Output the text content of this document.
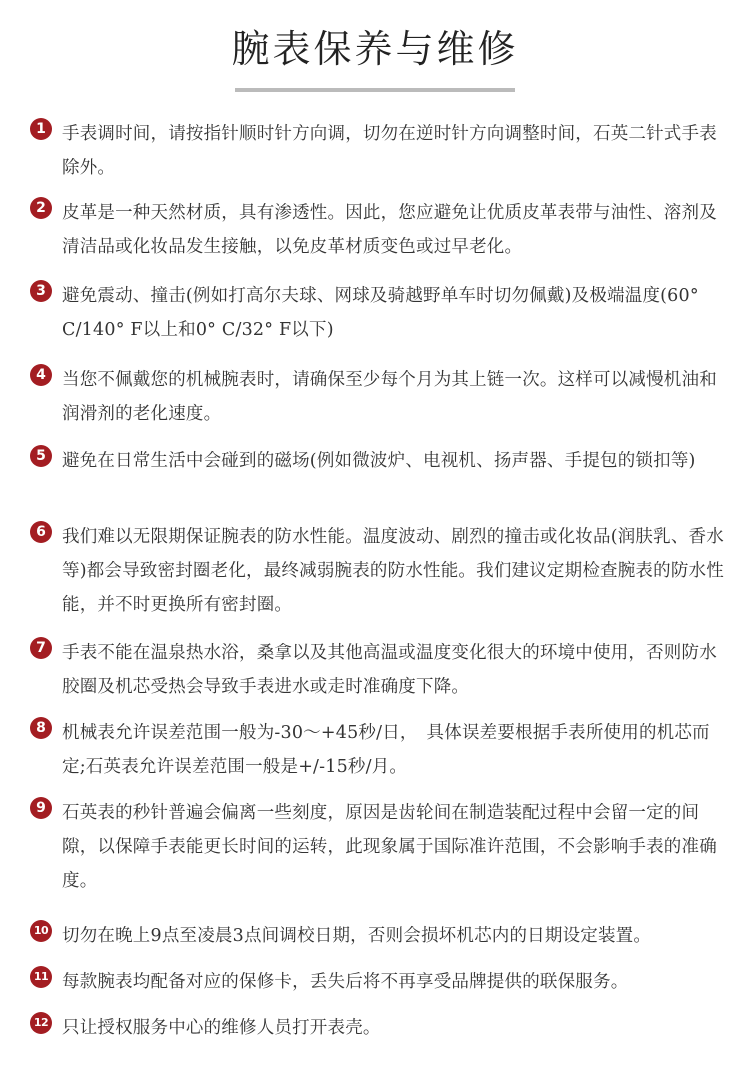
腕表保养与维修
1 手表调时间，请按指针顺时针方向调，切勿在逆时针方向调整时间，石英二针式手表除外。
2 皮革是一种天然材质，具有渗透性。因此，您应避免让优质皮革表带与油性、溶剂及清洁品或化妆品发生接触，以免皮革材质变色或过早老化。
3 避免震动、撞击(例如打高尔夫球、网球及骑越野单车时切勿佩戴)及极端温度(60° C/140° F以上和0° C/32° F以下)
4 当您不佩戴您的机械腕表时，请确保至少每个月为其上链一次。这样可以减慢机油和润滑剂的老化速度。
5 避免在日常生活中会碰到的磁场(例如微波炉、电视机、扬声器、手提包的锁扣等)
6 我们难以无限期保证腕表的防水性能。温度波动、剧烈的撞击或化妆品(润肤乳、香水等)都会导致密封圈老化，最终减弱腕表的防水性能。我们建议定期检查腕表的防水性能，并不时更换所有密封圈。
7 手表不能在温泉热水浴，桑拿以及其他高温或温度变化很大的环境中使用，否则防水胶圈及机芯受热会导致手表进水或走时准确度下降。
8 机械表允许误差范围一般为-30～+45秒/日，　具体误差要根据手表所使用的机芯而定;石英表允许误差范围一般是+/-15秒/月。
9 石英表的秒针普遍会偏离一些刻度，原因是齿轮间在制造装配过程中会留一定的间隙，以保障手表能更长时间的运转，此现象属于国际准许范围，不会影响手表的准确度。
10 切勿在晚上9点至凌晨3点间调校日期，否则会损坏机芯内的日期设定装置。
11 每款腕表均配备对应的保修卡，丢失后将不再享受品牌提供的联保服务。
12 只让授权服务中心的维修人员打开表壳。
